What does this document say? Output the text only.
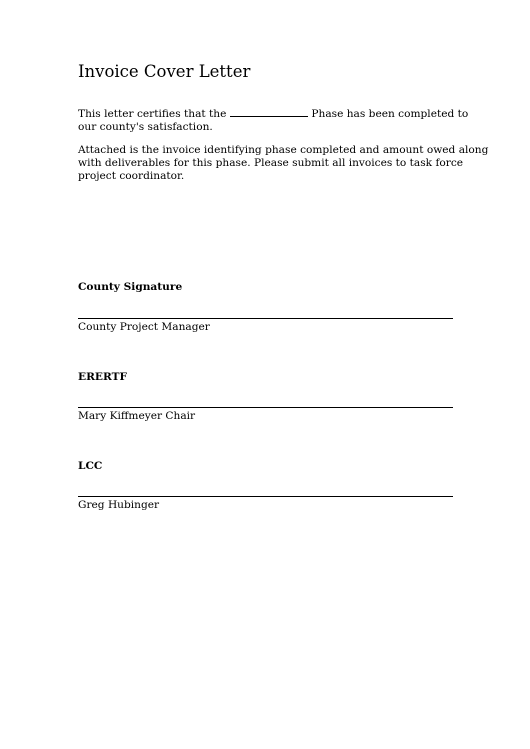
Invoice Cover Letter
This letter certifies that the	Phase has been completed to
our county's satisfaction.
Attached is the invoice identifying phase completed and amount owed along
with deliverables for this phase. Please submit all invoices to task force
project coordinator.
County Signature
County Project Manager
ERERTF
Mary Kiffmeyer Chair
LCC
Greg Hubinger
